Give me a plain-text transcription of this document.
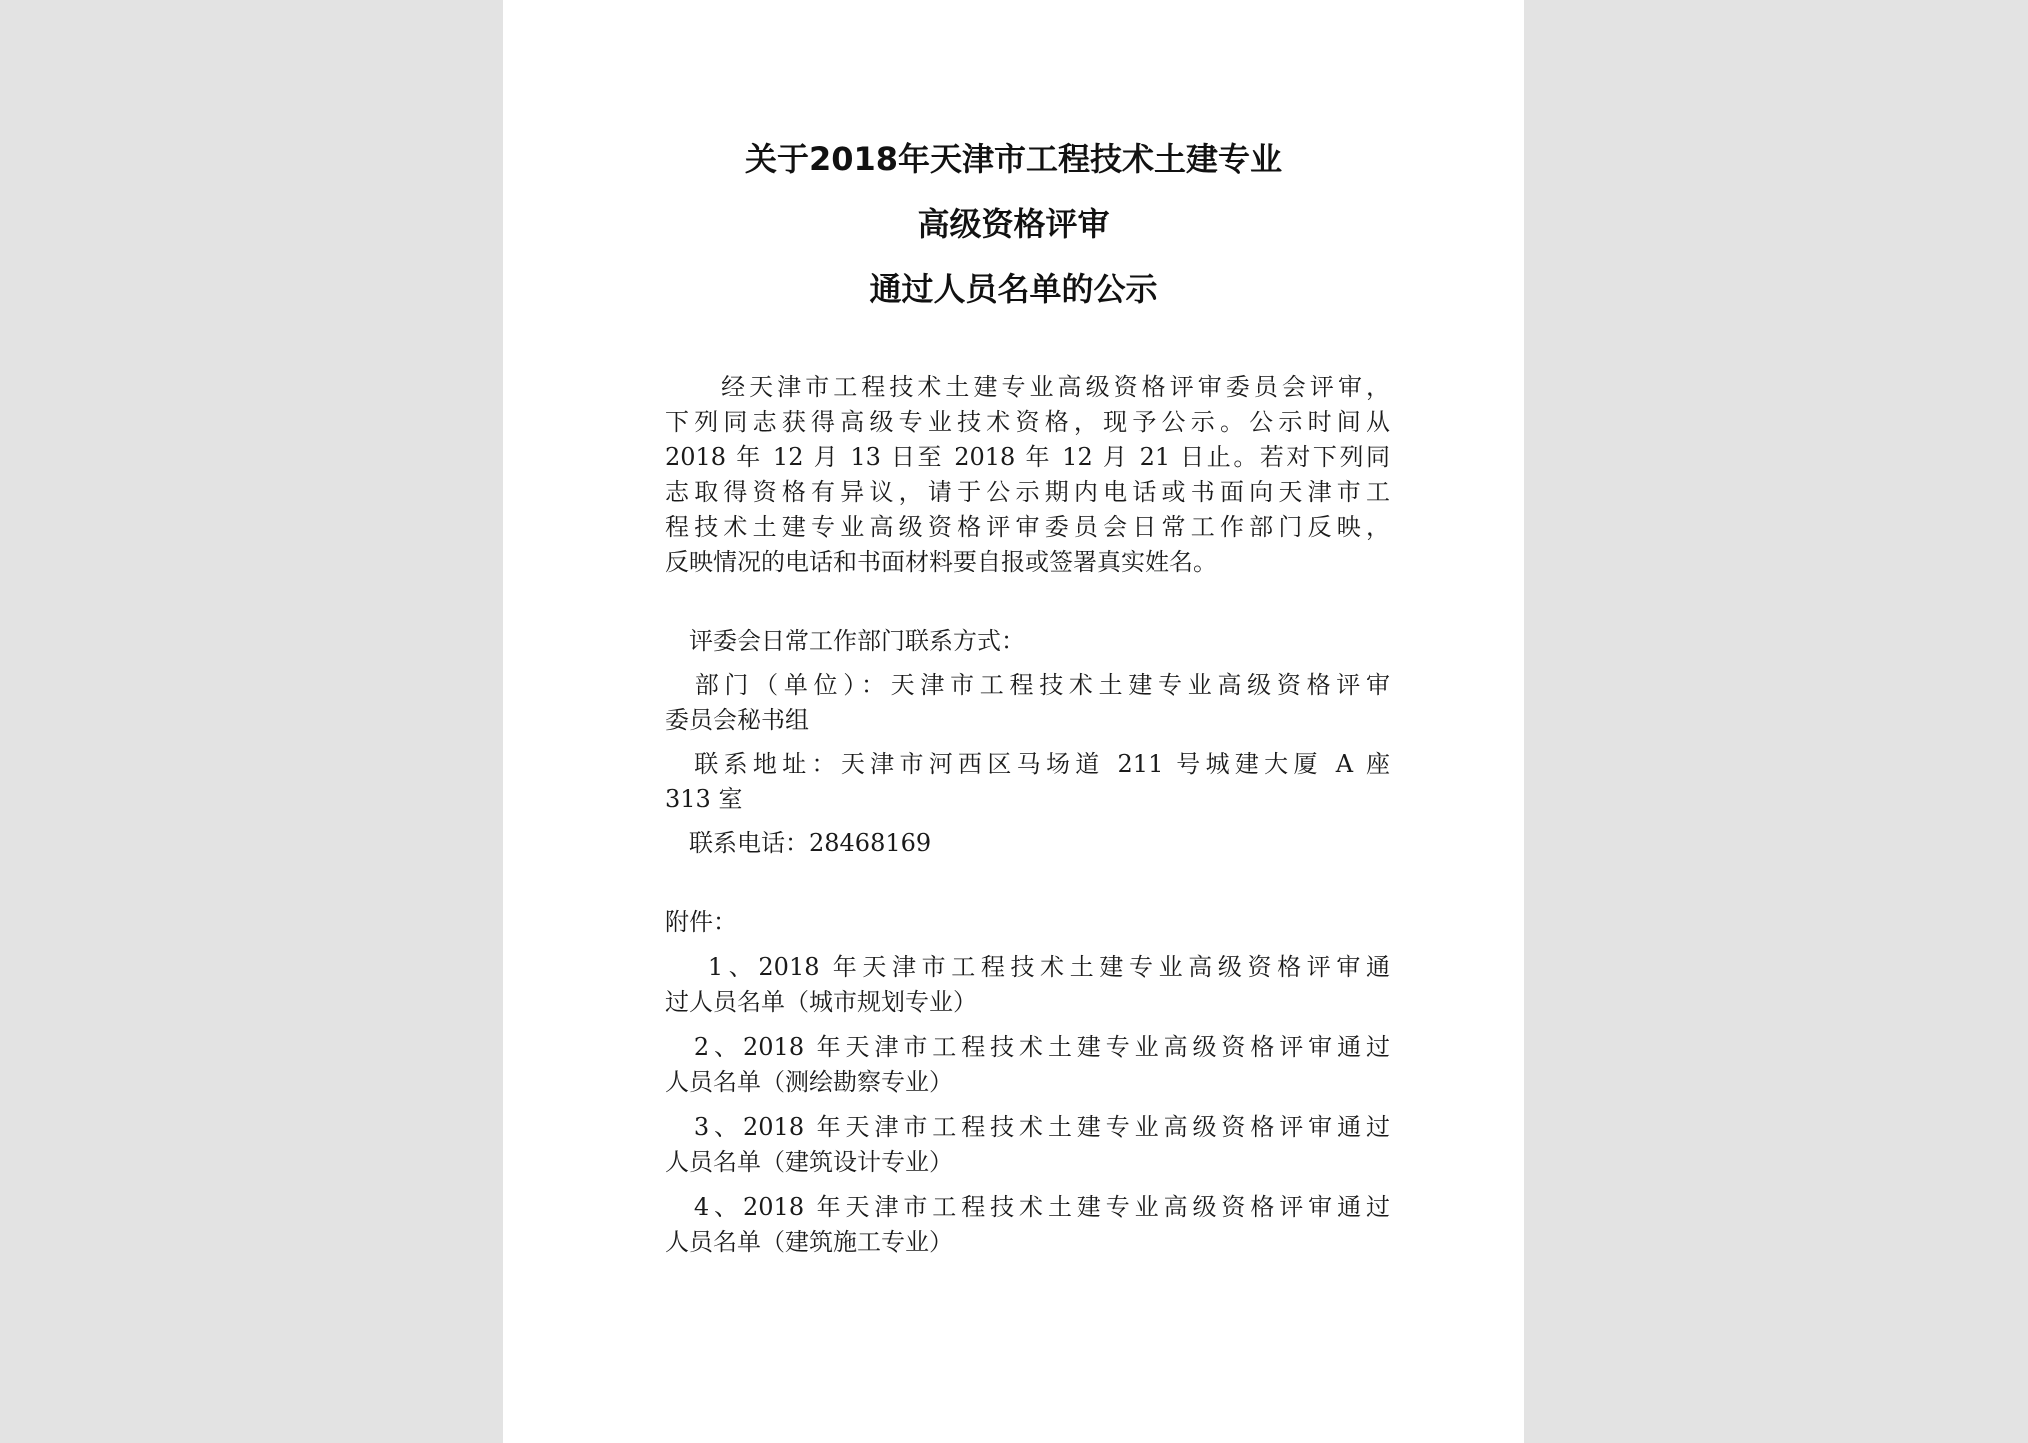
关于2018年天津市工程技术土建专业
高级资格评审
通过人员名单的公示
　　经天津市工程技术土建专业高级资格评审委员会评审，
下列同志获得高级专业技术资格，现予公示。公示时间从
2018 年 12 月 13 日至 2018 年 12 月 21 日止。若对下列同
志取得资格有异议，请于公示期内电话或书面向天津市工
程技术土建专业高级资格评审委员会日常工作部门反映，
反映情况的电话和书面材料要自报或签署真实姓名。
　评委会日常工作部门联系方式：
　部门（单位）：天津市工程技术土建专业高级资格评审
委员会秘书组
　联系地址：天津市河西区马场道 211 号城建大厦 A 座
313 室
　联系电话：28468169
附件：
　 1、2018 年天津市工程技术土建专业高级资格评审通
过人员名单（城市规划专业）
　2、2018 年天津市工程技术土建专业高级资格评审通过
人员名单（测绘勘察专业）
　3、2018 年天津市工程技术土建专业高级资格评审通过
人员名单（建筑设计专业）
　4、2018 年天津市工程技术土建专业高级资格评审通过
人员名单（建筑施工专业）
